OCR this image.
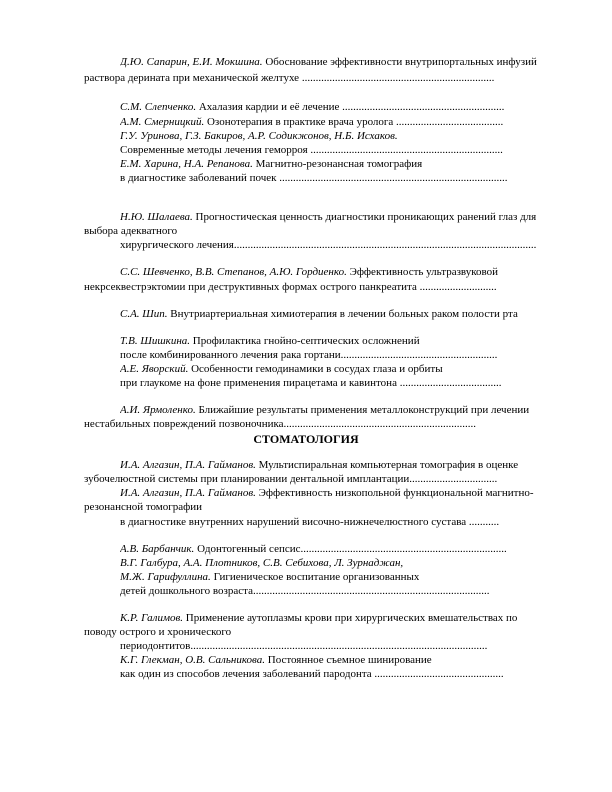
Д.Ю. Сапарин, Е.И. Мокшина. Обоснование эффективности внутрипортальных инфузий
раствора дерината при механической желтухе ......................................................................
С.М. Слепченко. Ахалазия кардии и её лечение ...........................................................
А.М. Смерницкий. Озонотерапия в практике врача уролога .......................................
Г.У. Уринова, Г.З. Бакиров, А.Р. Содикжонов, Н.Б. Исхаков.
Современные методы лечения геморроя ......................................................................
Е.М. Харина, Н.А. Репанова. Магнитно-резонансная томография
в диагностике заболеваний почек ...................................................................................
Н.Ю. Шалаева. Прогностическая ценность диагностики проникающих ранений глаз для
выбора адекватного
хирургического лечения..............................................................................................................
С.С. Шевченко, В.В. Степанов, А.Ю. Гордиенко. Эффективность ультразвуковой
некрсеквестрэктомии при деструктивных формах острого панкреатита ............................
С.А. Шип. Внутриартериальная химиотерапия в лечении больных раком полости рта
Т.В. Шишкина. Профилактика гнойно-септических осложнений
после комбинированного лечения рака гортани.........................................................
А.Е. Яворский. Особенности гемодинамики в сосудах глаза и орбиты
при глаукоме на фоне применения пирацетама и кавинтона .....................................
А.И. Ярмоленко. Ближайшие результаты применения металлоконструкций при лечении
нестабильных повреждений позвоночника......................................................................
СТОМАТОЛОГИЯ
И.А. Алгазин, П.А. Гайманов. Мультиспиральная компьютерная томография в оценке
зубочелюстной системы при планировании дентальной имплантации................................
И.А. Алгазин, П.А. Гайманов. Эффективность низкопольной функциональной магнитно-
резонансной томографии
в диагностике внутренних нарушений височно-нижнечелюстного сустава ...........
А.В. Барбанчик. Одонтогенный сепсис...........................................................................
В.Г. Галбура, А.А. Плотников, С.В. Себихова, Л. Зурнаджан,
М.Ж. Гарифуллина. Гигиеническое воспитание организованных
детей дошкольного возраста......................................................................................
К.Р. Галимов. Применение аутоплазмы крови при хирургических вмешательствах по
поводу острого и хронического
периодонтитов............................................................................................................
К.Г. Глекман, О.В. Сальникова. Постоянное съемное шинирование
как один из способов лечения заболеваний пародонта ...............................................
